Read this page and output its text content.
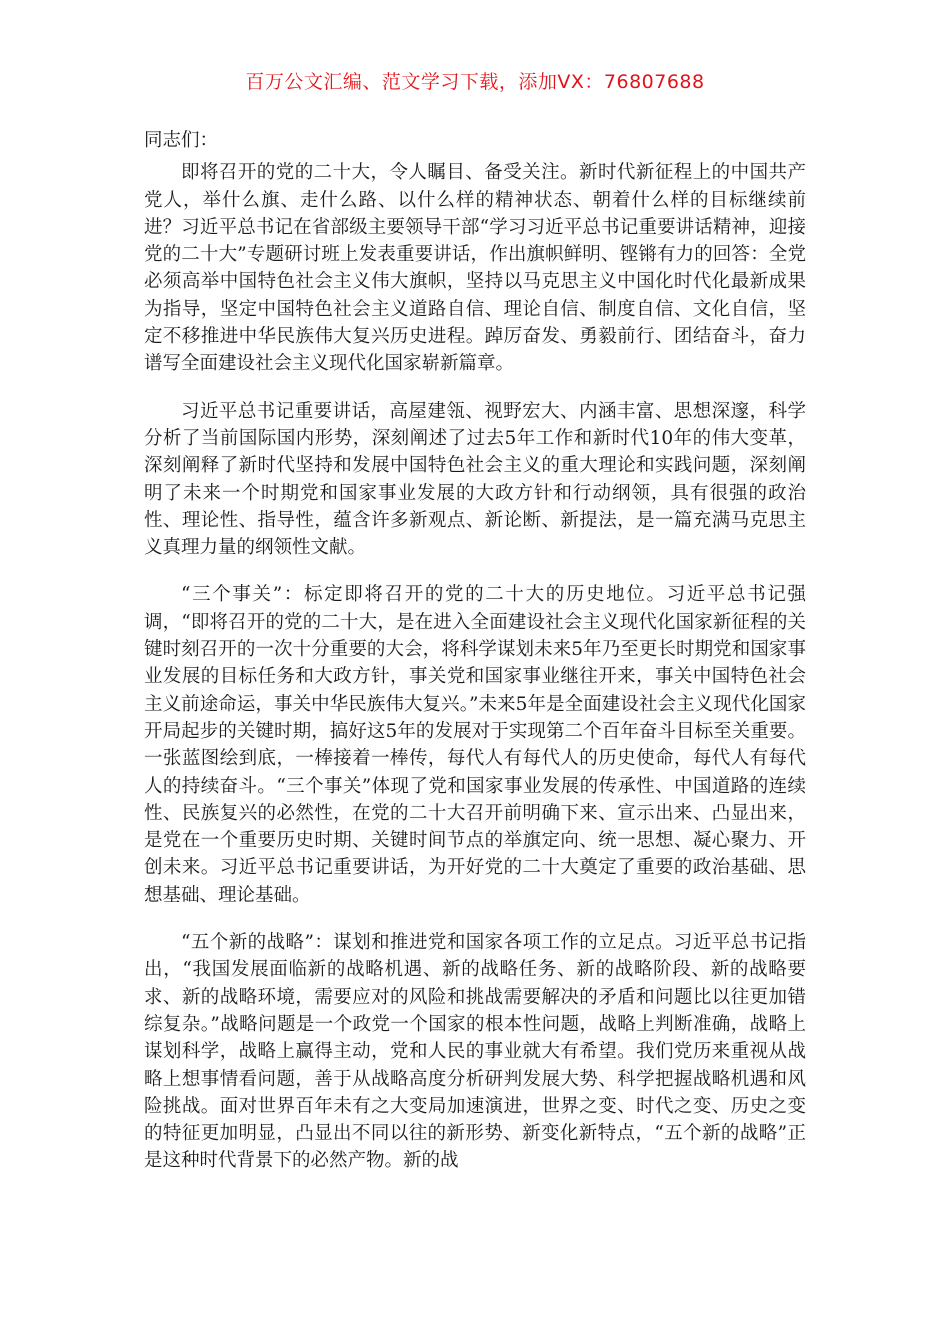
百万公文汇编、范文学习下载，添加VX：76807688

同志们：

即将召开的党的二十大，令人瞩目、备受关注。新时代新征程上的中国共产党人，举什么旗、走什么路、以什么样的精神状态、朝着什么样的目标继续前进？习近平总书记在省部级主要领导干部“学习习近平总书记重要讲话精神，迎接党的二十大”专题研讨班上发表重要讲话，作出旗帜鲜明、铿锵有力的回答：全党必须高举中国特色社会主义伟大旗帜，坚持以马克思主义中国化时代化最新成果为指导，坚定中国特色社会主义道路自信、理论自信、制度自信、文化自信，坚定不移推进中华民族伟大复兴历史进程。踔厉奋发、勇毅前行、团结奋斗，奋力谱写全面建设社会主义现代化国家崭新篇章。

习近平总书记重要讲话，高屋建瓴、视野宏大、内涵丰富、思想深邃，科学分析了当前国际国内形势，深刻阐述了过去5年工作和新时代10年的伟大变革，深刻阐释了新时代坚持和发展中国特色社会主义的重大理论和实践问题，深刻阐明了未来一个时期党和国家事业发展的大政方针和行动纲领，具有很强的政治性、理论性、指导性，蕴含许多新观点、新论断、新提法，是一篇充满马克思主义真理力量的纲领性文献。

“三个事关”：标定即将召开的党的二十大的历史地位。习近平总书记强调，“即将召开的党的二十大，是在进入全面建设社会主义现代化国家新征程的关键时刻召开的一次十分重要的大会，将科学谋划未来5年乃至更长时期党和国家事业发展的目标任务和大政方针，事关党和国家事业继往开来，事关中国特色社会主义前途命运，事关中华民族伟大复兴。”未来5年是全面建设社会主义现代化国家开局起步的关键时期，搞好这5年的发展对于实现第二个百年奋斗目标至关重要。一张蓝图绘到底，一棒接着一棒传，每代人有每代人的历史使命，每代人有每代人的持续奋斗。“三个事关”体现了党和国家事业发展的传承性、中国道路的连续性、民族复兴的必然性，在党的二十大召开前明确下来、宣示出来、凸显出来，是党在一个重要历史时期、关键时间节点的举旗定向、统一思想、凝心聚力、开创未来。习近平总书记重要讲话，为开好党的二十大奠定了重要的政治基础、思想基础、理论基础。

“五个新的战略”：谋划和推进党和国家各项工作的立足点。习近平总书记指出，“我国发展面临新的战略机遇、新的战略任务、新的战略阶段、新的战略要求、新的战略环境，需要应对的风险和挑战需要解决的矛盾和问题比以往更加错综复杂。”战略问题是一个政党一个国家的根本性问题，战略上判断准确，战略上谋划科学，战略上赢得主动，党和人民的事业就大有希望。我们党历来重视从战略上想事情看问题，善于从战略高度分析研判发展大势、科学把握战略机遇和风险挑战。面对世界百年未有之大变局加速演进，世界之变、时代之变、历史之变的特征更加明显，凸显出不同以往的新形势、新变化新特点，“五个新的战略”正是这种时代背景下的必然产物。新的战
